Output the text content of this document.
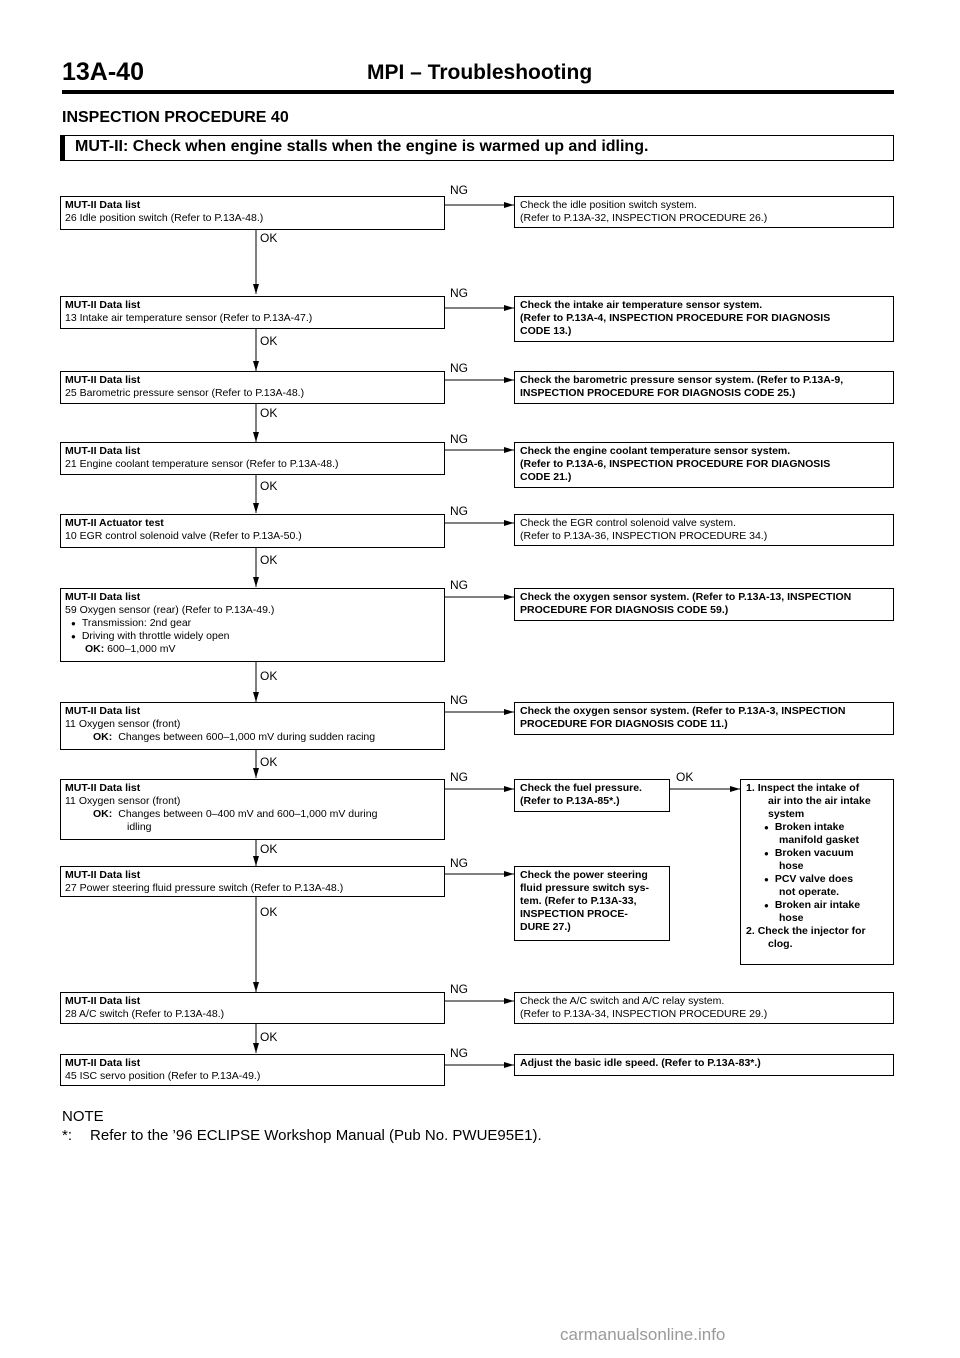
13A-40	MPI – Troubleshooting
INSPECTION PROCEDURE 40
MUT-II: Check when engine stalls when the engine is warmed up and idling.
NG
OK
NG
OK
NG
OK
NG
OK
NG
OK
NG
OK
NG
OK
NG	OK
OK
NG
OK
NG
OK
NG
MUT-II Data list
26 Idle position switch (Refer to P.13A-48.)
Check the idle position switch system.
(Refer to P.13A-32, INSPECTION PROCEDURE 26.)
MUT-II Data list
13 Intake air temperature sensor (Refer to P.13A-47.)
Check the intake air temperature sensor system.
(Refer to P.13A-4, INSPECTION PROCEDURE FOR DIAGNOSIS
CODE 13.)
MUT-II Data list
25 Barometric pressure sensor (Refer to P.13A-48.)
Check the barometric pressure sensor system. (Refer to P.13A-9,
INSPECTION PROCEDURE FOR DIAGNOSIS CODE 25.)
MUT-II Data list
21 Engine coolant temperature sensor (Refer to P.13A-48.)
Check the engine coolant temperature sensor system.
(Refer to P.13A-6, INSPECTION PROCEDURE FOR DIAGNOSIS
CODE 21.)
MUT-II Actuator test
10 EGR control solenoid valve (Refer to P.13A-50.)
Check the EGR control solenoid valve system.
(Refer to P.13A-36, INSPECTION PROCEDURE 34.)
MUT-II Data list
59 Oxygen sensor (rear) (Refer to P.13A-49.)
● Transmission: 2nd gear
● Driving with throttle widely open
OK: 600–1,000 mV
Check the oxygen sensor system. (Refer to P.13A-13, INSPECTION
PROCEDURE FOR DIAGNOSIS CODE 59.)
MUT-II Data list
11 Oxygen sensor (front)
OK: Changes between 600–1,000 mV during sudden racing
Check the oxygen sensor system. (Refer to P.13A-3, INSPECTION
PROCEDURE FOR DIAGNOSIS CODE 11.)
MUT-II Data list
11 Oxygen sensor (front)
OK: Changes between 0–400 mV and 600–1,000 mV during
idling
Check the fuel pressure.
(Refer to P.13A-85*.)
1. Inspect the intake of
air into the air intake
system
● Broken intake
manifold gasket
● Broken vacuum
hose
● PCV valve does
not operate.
● Broken air intake
hose
2. Check the injector for
clog.
MUT-II Data list
27 Power steering fluid pressure switch (Refer to P.13A-48.)
Check the power steering
fluid pressure switch sys-
tem. (Refer to P.13A-33,
INSPECTION PROCE-
DURE 27.)
MUT-II Data list
28 A/C switch (Refer to P.13A-48.)
Check the A/C switch and A/C relay system.
(Refer to P.13A-34, INSPECTION PROCEDURE 29.)
MUT-II Data list
45 ISC servo position (Refer to P.13A-49.)
Adjust the basic idle speed. (Refer to P.13A-83*.)
NOTE
*: Refer to the ’96 ECLIPSE Workshop Manual (Pub No. PWUE95E1).
carmanualsonline.info
